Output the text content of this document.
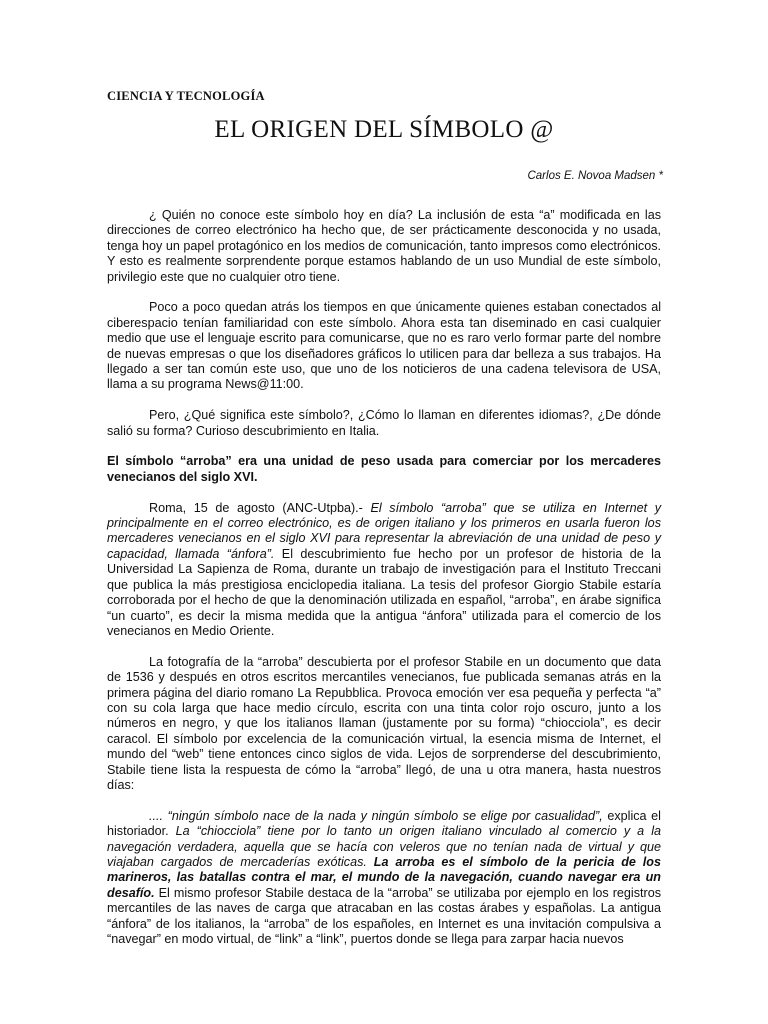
CIENCIA Y TECNOLOGÍA
EL ORIGEN DEL SÍMBOLO @
Carlos E. Novoa Madsen *

¿ Quién no conoce este símbolo hoy en día? La inclusión de esta “a” modificada en las direcciones de correo electrónico ha hecho que, de ser prácticamente desconocida y no usada, tenga hoy un papel protagónico en los medios de comunicación, tanto impresos como electrónicos. Y esto es realmente sorprendente porque estamos hablando de un uso Mundial de este símbolo, privilegio este que no cualquier otro tiene.

Poco a poco quedan atrás los tiempos en que únicamente quienes estaban conectados al ciberespacio tenían familiaridad con este símbolo. Ahora esta tan diseminado en casi cualquier medio que use el lenguaje escrito para comunicarse, que no es raro verlo formar parte del nombre de nuevas empresas o que los diseñadores gráficos lo utilicen para dar belleza a sus trabajos. Ha llegado a ser tan común este uso, que uno de los noticieros de una cadena televisora de USA, llama a su programa News@11:00.

Pero, ¿Qué significa este símbolo?, ¿Cómo lo llaman en diferentes idiomas?, ¿De dónde salió su forma? Curioso descubrimiento en Italia.

El símbolo “arroba” era una unidad de peso usada para comerciar por los mercaderes venecianos del siglo XVI.

Roma, 15 de agosto (ANC-Utpba).- El símbolo “arroba” que se utiliza en Internet y principalmente en el correo electrónico, es de origen italiano y los primeros en usarla fueron los mercaderes venecianos en el siglo XVI para representar la abreviación de una unidad de peso y capacidad, llamada “ánfora”. El descubrimiento fue hecho por un profesor de historia de la Universidad La Sapienza de Roma, durante un trabajo de investigación para el Instituto Treccani que publica la más prestigiosa enciclopedia italiana. La tesis del profesor Giorgio Stabile estaría corroborada por el hecho de que la denominación utilizada en español, “arroba”, en árabe significa “un cuarto”, es decir la misma medida que la antigua “ánfora” utilizada para el comercio de los venecianos en Medio Oriente.

La fotografía de la “arroba” descubierta por el profesor Stabile en un documento que data de 1536 y después en otros escritos mercantiles venecianos, fue publicada semanas atrás en la primera página del diario romano La Repubblica. Provoca emoción ver esa pequeña y perfecta “a” con su cola larga que hace medio círculo, escrita con una tinta color rojo oscuro, junto a los números en negro, y que los italianos llaman (justamente por su forma) “chiocciola”, es decir caracol. El símbolo por excelencia de la comunicación virtual, la esencia misma de Internet, el mundo del “web” tiene entonces cinco siglos de vida. Lejos de sorprenderse del descubrimiento, Stabile tiene lista la respuesta de cómo la “arroba” llegó, de una u otra manera, hasta nuestros días:

.... “ningún símbolo nace de la nada y ningún símbolo se elige por casualidad”, explica el historiador. La “chiocciola” tiene por lo tanto un origen italiano vinculado al comercio y a la navegación verdadera, aquella que se hacía con veleros que no tenían nada de virtual y que viajaban cargados de mercaderías exóticas. La arroba es el símbolo de la pericia de los marineros, las batallas contra el mar, el mundo de la navegación, cuando navegar era un desafío. El mismo profesor Stabile destaca de la “arroba” se utilizaba por ejemplo en los registros mercantiles de las naves de carga que atracaban en las costas árabes y españolas. La antigua “ánfora” de los italianos, la “arroba” de los españoles, en Internet es una invitación compulsiva a “navegar” en modo virtual, de “link” a “link”, puertos donde se llega para zarpar hacia nuevos
